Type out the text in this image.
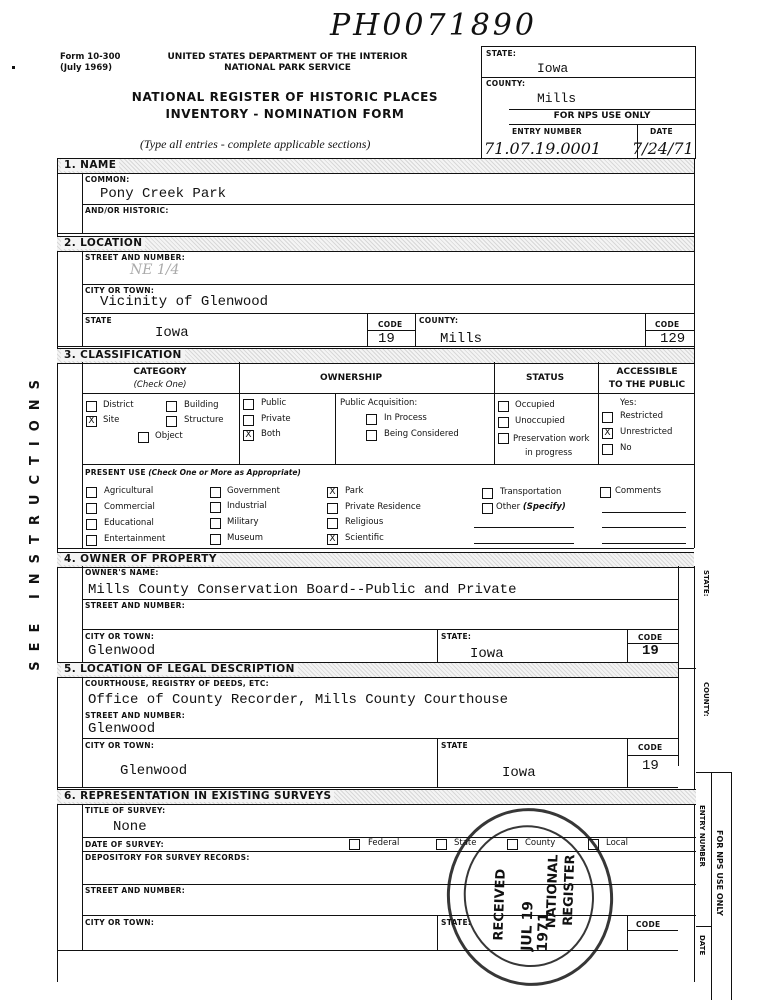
PH0071890
Form 10-300
(July 1969)
UNITED STATES DEPARTMENT OF THE INTERIOR
NATIONAL PARK SERVICE
NATIONAL REGISTER OF HISTORIC PLACES
INVENTORY - NOMINATION FORM
(Type all entries - complete applicable sections)
STATE:
Iowa
COUNTY:
Mills
FOR NPS USE ONLY
ENTRY NUMBER	DATE
71.07.19.0001 7/24/71
SEE INSTRUCTIONS
1. NAME
COMMON:
Pony Creek Park
AND/OR HISTORIC:
2. LOCATION
STREET AND NUMBER:
NE 1/4
CITY OR TOWN:
Vicinity of Glenwood
STATE
Iowa
CODE
19
COUNTY:
Mills
CODE
129
3. CLASSIFICATION
CATEGORY
(Check One)
OWNERSHIP	STATUS
ACCESSIBLE
TO THE PUBLIC
District	Building
X Site	Structure
Object
Public
Private
X Both
Public Acquisition:
In Process
Being Considered
Occupied
Unoccupied
Preservation work
in progress
Yes:
Restricted
X Unrestricted
No
PRESENT USE (Check One or More as Appropriate)
Agricultural
Commercial
Educational
Entertainment
Government
Industrial
Military
Museum
X Park
Private Residence
Religious
X Scientific
Transportation
Other (Specify)
Comments
4. OWNER OF PROPERTY
OWNER'S NAME:
Mills County Conservation Board--Public and Private
STREET AND NUMBER:
CITY OR TOWN:
Glenwood
STATE:
Iowa
CODE
19
5. LOCATION OF LEGAL DESCRIPTION
COURTHOUSE, REGISTRY OF DEEDS, ETC:
Office of County Recorder, Mills County Courthouse
STREET AND NUMBER:
Glenwood
CITY OR TOWN:
Glenwood
STATE
Iowa
CODE
19
6. REPRESENTATION IN EXISTING SURVEYS
TITLE OF SURVEY:
None
DATE OF SURVEY:	Federal	State	County	Local
DEPOSITORY FOR SURVEY RECORDS:
STREET AND NUMBER:
CITY OR TOWN:	STATE:	CODE
STATE:
COUNTY:
ENTRY NUMBER FOR NPS USE ONLY
DATE
RECEIVED JUL 19 1971
NATIONAL REGISTER
